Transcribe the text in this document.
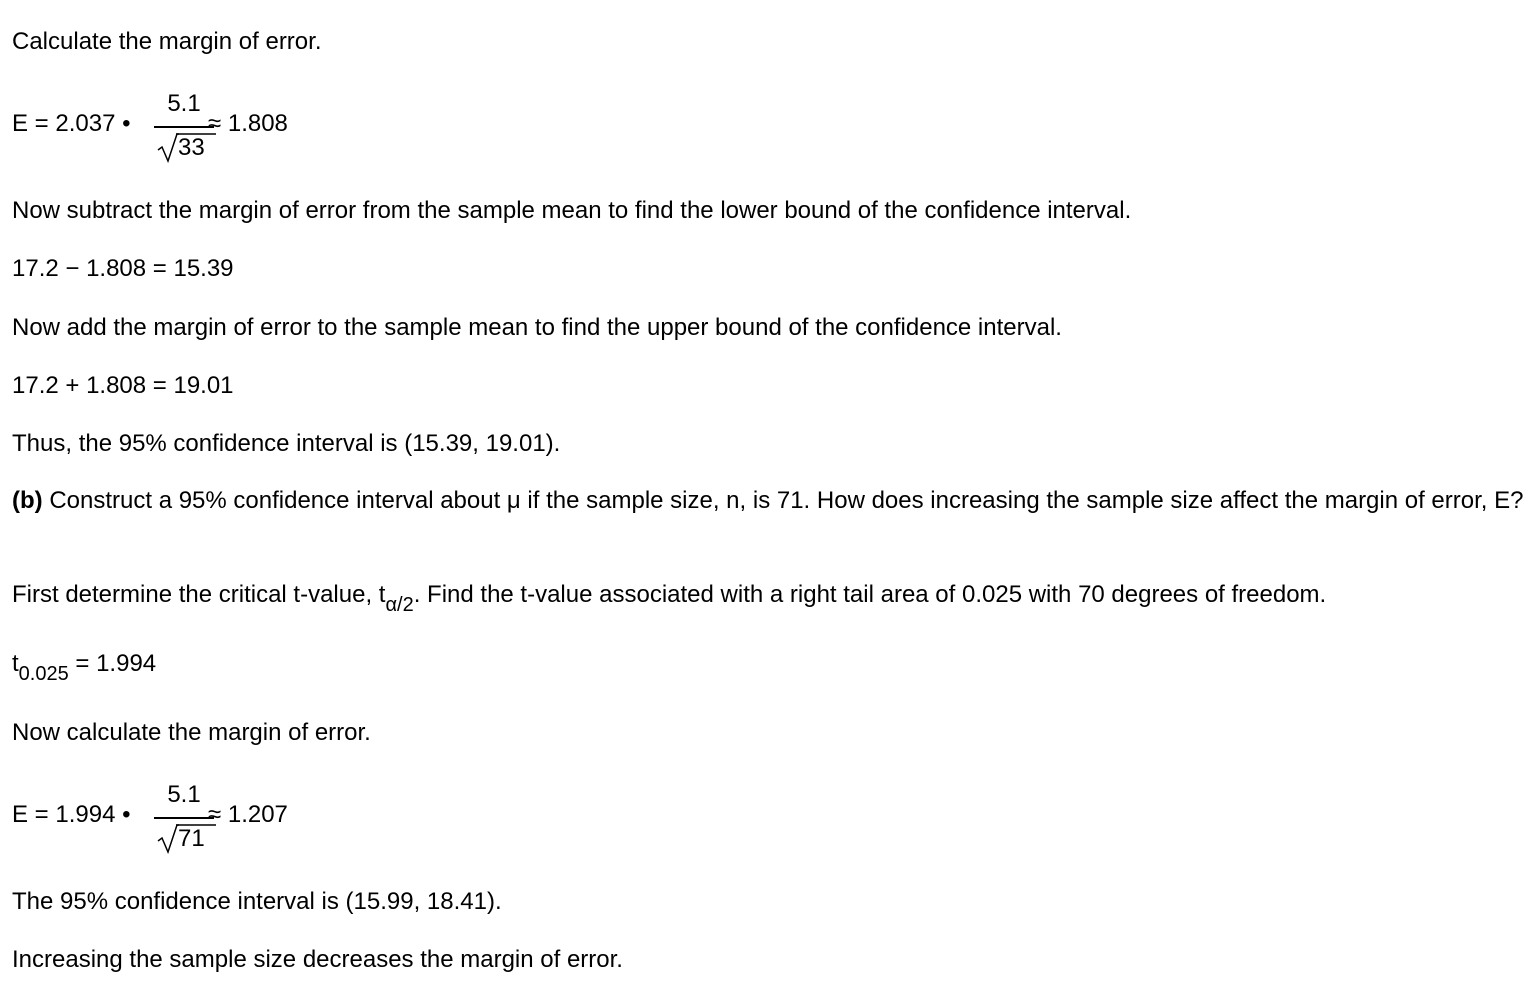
Calculate the margin of error.
E = 2.037 •
5.1
33
≈ 1.808
Now subtract the margin of error from the sample mean to find the lower bound of the confidence interval.
17.2 − 1.808 = 15.39
Now add the margin of error to the sample mean to find the upper bound of the confidence interval.
17.2 + 1.808 = 19.01
Thus, the 95% confidence interval is (15.39, 19.01).
(b) Construct a 95% confidence interval about μ if the sample size, n, is 71. How does increasing the sample size affect the margin of error, E?
First determine the critical t-value, $t_{\alpha/2}$. Find the t-value associated with a right tail area of 0.025 with 70 degrees of freedom.
$t_{0.025} = 1.994$
Now calculate the margin of error.
E = 1.994 •
5.1
71
≈ 1.207
The 95% confidence interval is (15.99, 18.41).
Increasing the sample size decreases the margin of error.
